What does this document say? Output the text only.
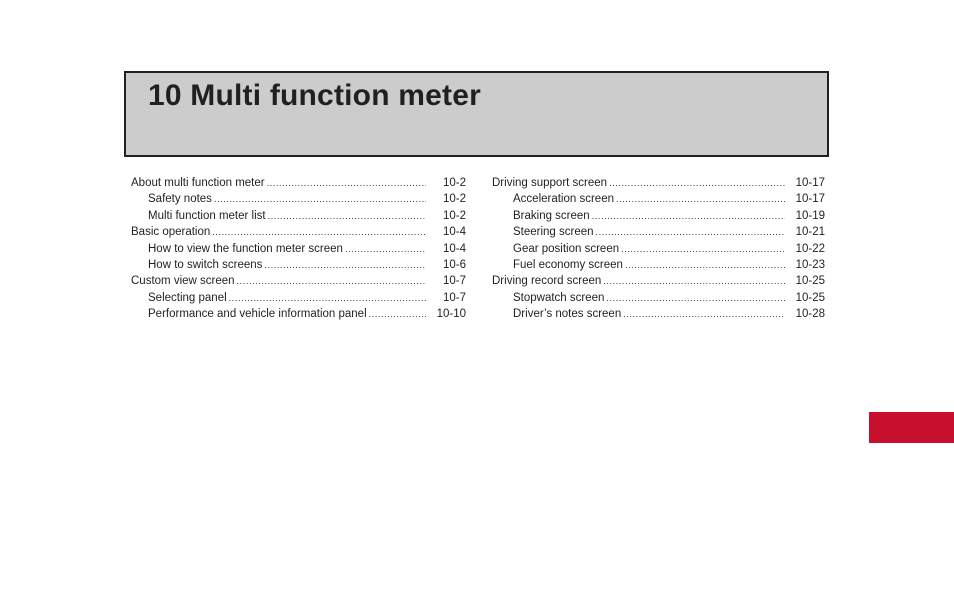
10 Multi function meter
About multi function meter .....	10-2
Safety notes .....	10-2
Multi function meter list .....	10-2
Basic operation .....	10-4
How to view the function meter screen .....	10-4
How to switch screens .....	10-6
Custom view screen .....	10-7
Selecting panel .....	10-7
Performance and vehicle information panel .....	10-10
Driving support screen .....	10-17
Acceleration screen .....	10-17
Braking screen .....	10-19
Steering screen .....	10-21
Gear position screen .....	10-22
Fuel economy screen .....	10-23
Driving record screen .....	10-25
Stopwatch screen .....	10-25
Driver’s notes screen .....	10-28
